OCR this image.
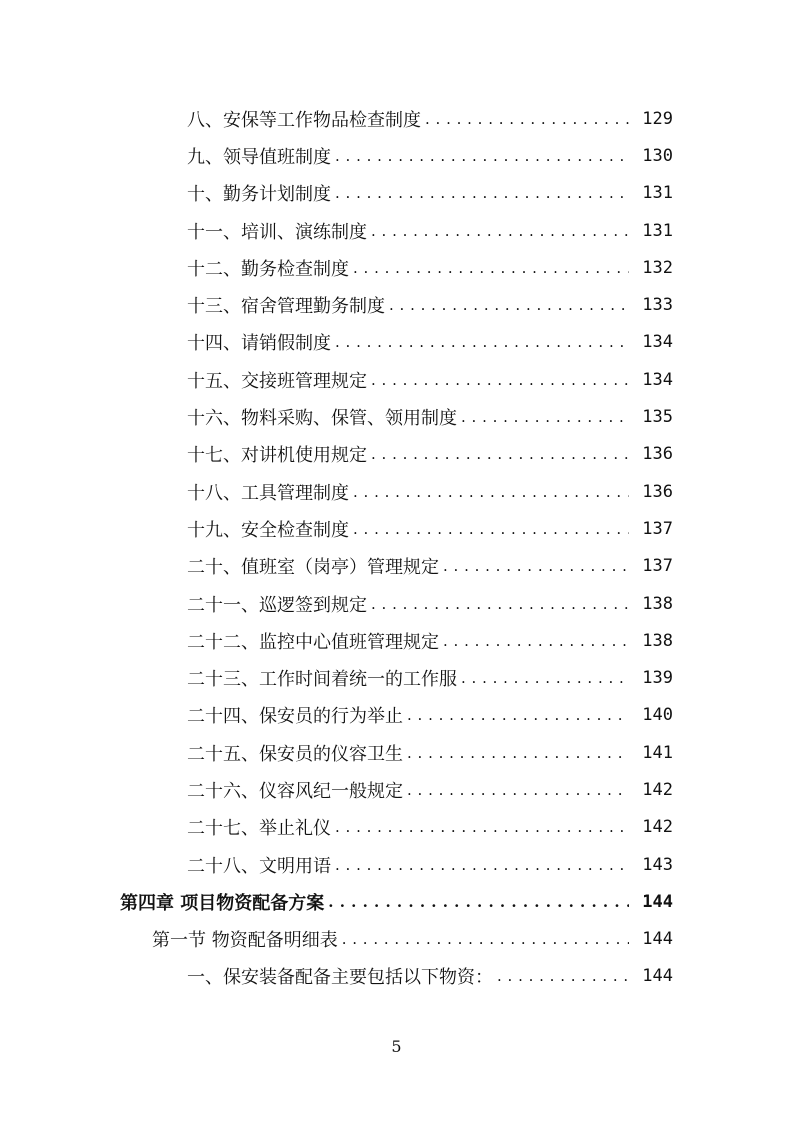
八、安保等工作物品检查制度 . . .	129
九、领导值班制度 . . .	130
十、勤务计划制度 . . .	131
十一、培训、演练制度 . . .	131
十二、勤务检查制度 . . .	132
十三、宿舍管理勤务制度 . . .	133
十四、请销假制度 . . .	134
十五、交接班管理规定 . . .	134
十六、物料采购、保管、领用制度 . . .	135
十七、对讲机使用规定 . . .	136
十八、工具管理制度 . . .	136
十九、安全检查制度 . . .	137
二十、值班室（岗亭）管理规定 . . .	137
二十一、巡逻签到规定 . . .	138
二十二、监控中心值班管理规定 . . .	138
二十三、工作时间着统一的工作服 . . .	139
二十四、保安员的行为举止 . . .	140
二十五、保安员的仪容卫生 . . .	141
二十六、仪容风纪一般规定 . . .	142
二十七、举止礼仪 . . .	142
二十八、文明用语 . . .	143
第四章 项目物资配备方案 . . .	144
第一节 物资配备明细表 . . .	144
一、保安装备配备主要包括以下物资： . . .	144
5
